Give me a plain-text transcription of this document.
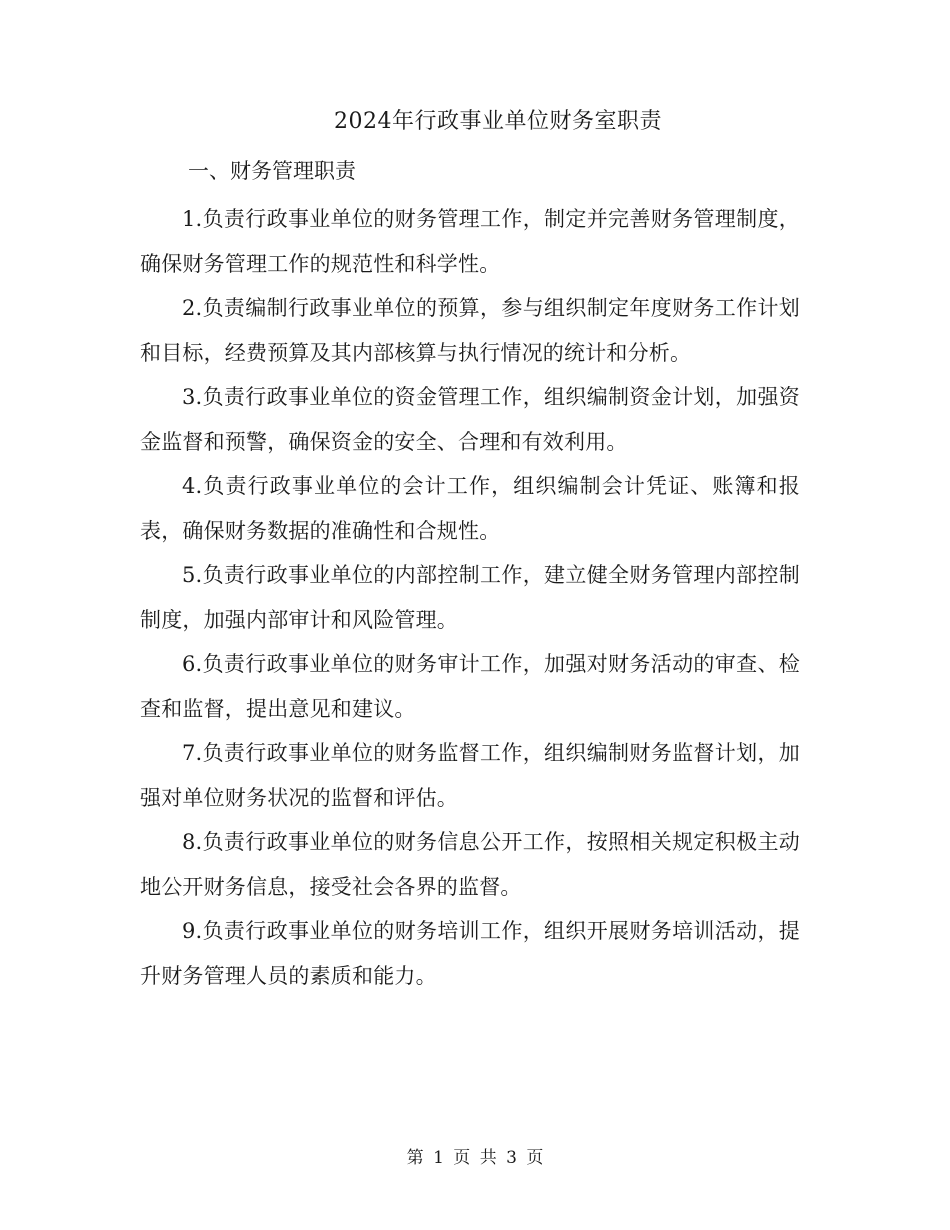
2024年行政事业单位财务室职责
一、财务管理职责

1.负责行政事业单位的财务管理工作，制定并完善财务管理制度，确保财务管理工作的规范性和科学性。

2.负责编制行政事业单位的预算，参与组织制定年度财务工作计划和目标，经费预算及其内部核算与执行情况的统计和分析。

3.负责行政事业单位的资金管理工作，组织编制资金计划，加强资金监督和预警，确保资金的安全、合理和有效利用。

4.负责行政事业单位的会计工作，组织编制会计凭证、账簿和报表，确保财务数据的准确性和合规性。

5.负责行政事业单位的内部控制工作，建立健全财务管理内部控制制度，加强内部审计和风险管理。

6.负责行政事业单位的财务审计工作，加强对财务活动的审查、检查和监督，提出意见和建议。

7.负责行政事业单位的财务监督工作，组织编制财务监督计划，加强对单位财务状况的监督和评估。

8.负责行政事业单位的财务信息公开工作，按照相关规定积极主动地公开财务信息，接受社会各界的监督。

9.负责行政事业单位的财务培训工作，组织开展财务培训活动，提升财务管理人员的素质和能力。

第 1 页 共 3 页
